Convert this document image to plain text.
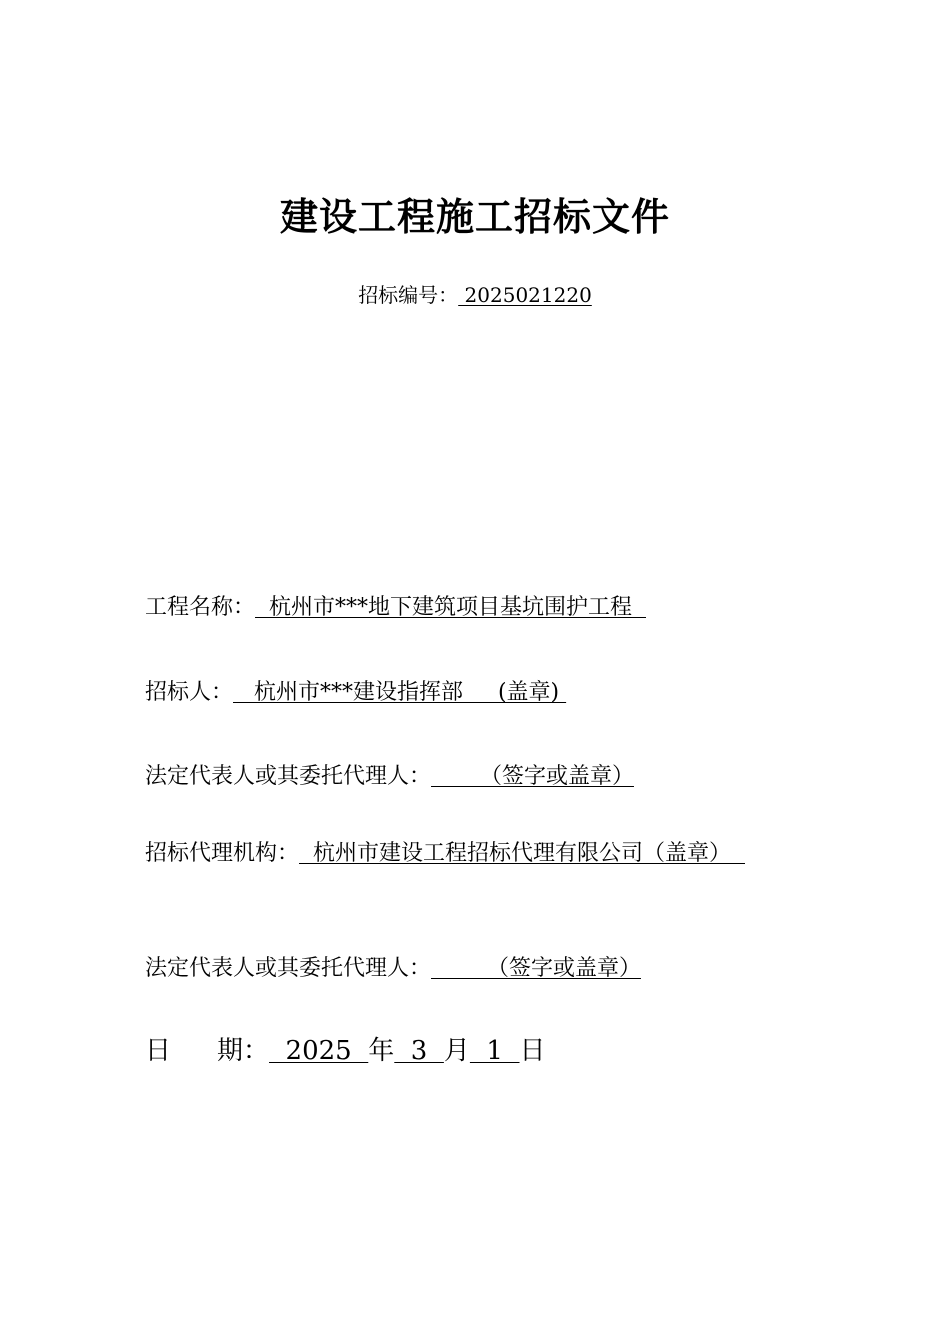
建设工程施工招标文件
招标编号： 2025021220
工程名称：  杭州市***地下建筑项目基坑围护工程
招标人：   杭州市***建设指挥部     (盖章)
法定代表人或其委托代理人：       （签字或盖章）
招标代理机构：  杭州市建设工程招标代理有限公司（盖章）
法定代表人或其委托代理人：        （签字或盖章）
日 期：  2025  年  3  月  1  日
